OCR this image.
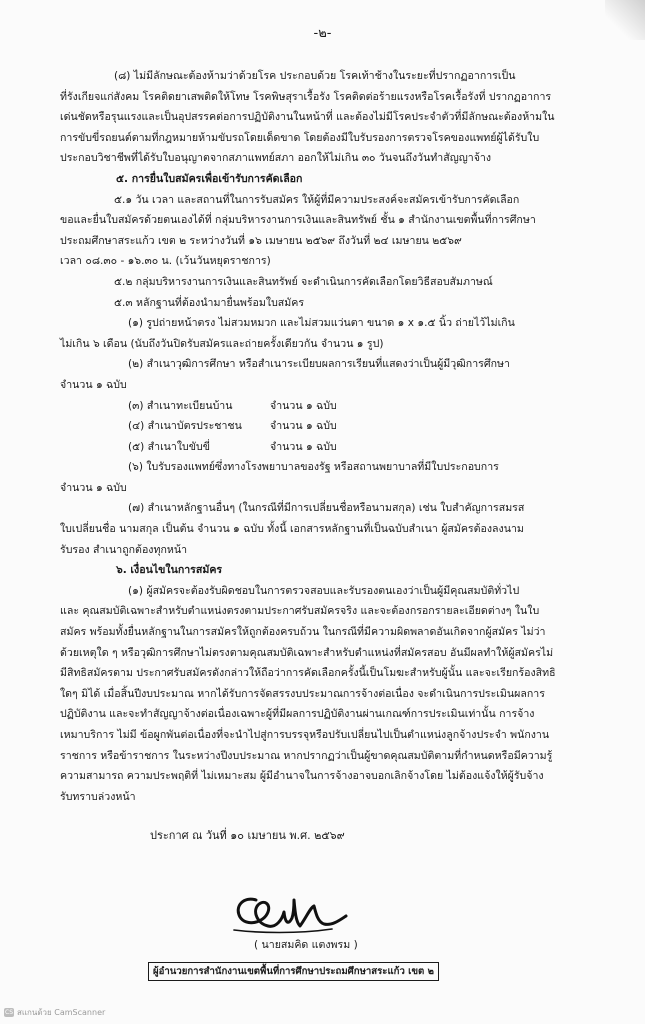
-๒-

(๘) ไม่มีลักษณะต้องห้ามว่าด้วยโรค ประกอบด้วย โรคเท้าช้างในระยะที่ปรากฏอาการเป็น

ที่รังเกียจแก่สังคม โรคติดยาเสพติดให้โทษ โรคพิษสุราเรื้อรัง โรคติดต่อร้ายแรงหรือโรคเรื้อรังที่ ปรากฏอาการ

เด่นชัดหรือรุนแรงและเป็นอุปสรรคต่อการปฏิบัติงานในหน้าที่ และต้องไม่มีโรคประจำตัวที่มีลักษณะต้องห้ามใน

การขับขี่รถยนต์ตามที่กฎหมายห้ามขับรถโดยเด็ดขาด โดยต้องมีใบรับรองการตรวจโรคของแพทย์ผู้ได้รับใบ

ประกอบวิชาชีพที่ได้รับใบอนุญาตจากสภาแพทย์สภา ออกให้ไม่เกิน ๓๐ วันจนถึงวันทำสัญญาจ้าง

๕. การยื่นใบสมัครเพื่อเข้ารับการคัดเลือก

๕.๑ วัน เวลา และสถานที่ในการรับสมัคร ให้ผู้ที่มีความประสงค์จะสมัครเข้ารับการคัดเลือก

ขอและยื่นใบสมัครด้วยตนเองได้ที่ กลุ่มบริหารงานการเงินและสินทรัพย์ ชั้น ๑ สำนักงานเขตพื้นที่การศึกษา

ประถมศึกษาสระแก้ว เขต ๒ ระหว่างวันที่ ๑๖ เมษายน ๒๕๖๙ ถึงวันที่ ๒๔ เมษายน ๒๕๖๙

เวลา ๐๘.๓๐ - ๑๖.๓๐ น. (เว้นวันหยุดราชการ)

๕.๒ กลุ่มบริหารงานการเงินและสินทรัพย์ จะดำเนินการคัดเลือกโดยวิธีสอบสัมภาษณ์

๕.๓ หลักฐานที่ต้องนำมายื่นพร้อมใบสมัคร

(๑) รูปถ่ายหน้าตรง ไม่สวมหมวก และไม่สวมแว่นตา ขนาด ๑ x ๑.๕ นิ้ว ถ่ายไว้ไม่เกิน

ไม่เกิน ๖ เดือน (นับถึงวันปิดรับสมัครและถ่ายครั้งเดียวกัน จำนวน ๑ รูป)

(๒) สำเนาวุฒิการศึกษา หรือสำเนาระเบียบผลการเรียนที่แสดงว่าเป็นผู้มีวุฒิการศึกษา

จำนวน ๑ ฉบับ

(๓) สำเนาทะเบียนบ้าน	จำนวน ๑ ฉบับ
(๔) สำเนาบัตรประชาชน	จำนวน ๑ ฉบับ
(๕) สำเนาใบขับขี่	จำนวน ๑ ฉบับ

(๖) ใบรับรองแพทย์ซึ่งทางโรงพยาบาลของรัฐ หรือสถานพยาบาลที่มีใบประกอบการ

จำนวน ๑ ฉบับ

(๗) สำเนาหลักฐานอื่นๆ (ในกรณีที่มีการเปลี่ยนชื่อหรือนามสกุล) เช่น ใบสำคัญการสมรส

ใบเปลี่ยนชื่อ นามสกุล เป็นต้น จำนวน ๑ ฉบับ ทั้งนี้ เอกสารหลักฐานที่เป็นฉบับสำเนา ผู้สมัครต้องลงนาม

รับรอง สำเนาถูกต้องทุกหน้า

๖. เงื่อนไขในการสมัคร

(๑) ผู้สมัครจะต้องรับผิดชอบในการตรวจสอบและรับรองตนเองว่าเป็นผู้มีคุณสมบัติทั่วไป

และ คุณสมบัติเฉพาะสำหรับตำแหน่งตรงตามประกาศรับสมัครจริง และจะต้องกรอกรายละเอียดต่างๆ ในใบ

สมัคร พร้อมทั้งยื่นหลักฐานในการสมัครให้ถูกต้องครบถ้วน ในกรณีที่มีความผิดพลาดอันเกิดจากผู้สมัคร ไม่ว่า

ด้วยเหตุใด ๆ หรือวุฒิการศึกษาไม่ตรงตามคุณสมบัติเฉพาะสำหรับตำแหน่งที่สมัครสอบ อันมีผลทำให้ผู้สมัครไม่

มีสิทธิสมัครตาม ประกาศรับสมัครดังกล่าวให้ถือว่าการคัดเลือกครั้งนี้เป็นโมฆะสำหรับผู้นั้น และจะเรียกร้องสิทธิ

ใดๆ มิได้ เมื่อสิ้นปีงบประมาณ หากได้รับการจัดสรรงบประมาณการจ้างต่อเนื่อง จะดำเนินการประเมินผลการ

ปฏิบัติงาน และจะทำสัญญาจ้างต่อเนื่องเฉพาะผู้ที่มีผลการปฏิบัติงานผ่านเกณฑ์การประเมินเท่านั้น การจ้าง

เหมาบริการ ไม่มี ข้อผูกพันต่อเนื่องที่จะนำไปสู่การบรรจุหรือปรับเปลี่ยนไปเป็นตำแหน่งลูกจ้างประจำ พนักงาน

ราชการ หรือข้าราชการ ในระหว่างปีงบประมาณ หากปรากฏว่าเป็นผู้ขาดคุณสมบัติตามที่กำหนดหรือมีความรู้

ความสามารถ ความประพฤติที่ ไม่เหมาะสม ผู้มีอำนาจในการจ้างอาจบอกเลิกจ้างโดย ไม่ต้องแจ้งให้ผู้รับจ้าง

รับทราบล่วงหน้า

ประกาศ ณ วันที่ ๑๐ เมษายน พ.ศ. ๒๕๖๙
( นายสมคิด แตงพรม )
ผู้อำนวยการสำนักงานเขตพื้นที่การศึกษาประถมศึกษาสระแก้ว เขต ๒
CS สแกนด้วย CamScanner
